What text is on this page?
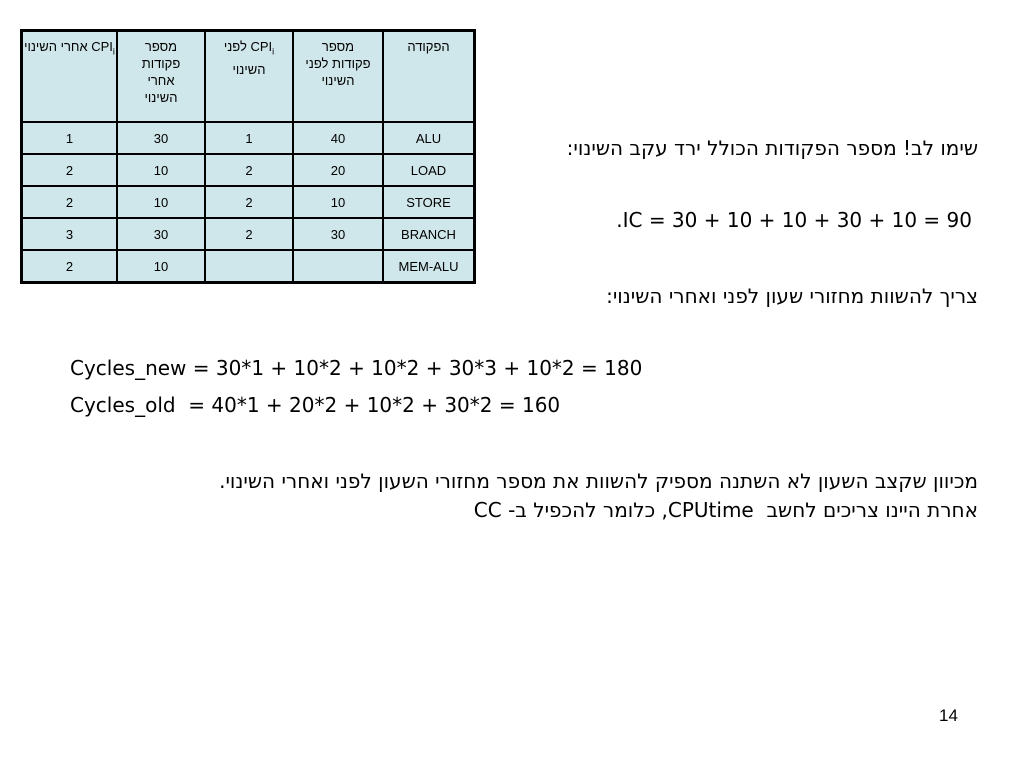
$CPI_i$ אחרי השינוי	מספר פקודות אחרי השינוי	$CPI_i$ לפני השינוי	מספר פקודות לפני השינוי	הפקודה
1	30	1	40	ALU
2	10	2	20	LOAD
2	10	2	10	STORE
3	30	2	30	BRANCH
2	10			MEM-ALU
שימו לב! מספר הפקודות הכולל ירד עקב השינוי:
IC = 30 + 10 + 10 + 30 + 10 = 90.
צריך להשוות מחזורי שעון לפני ואחרי השינוי:
Cycles_new = 30*1 + 10*2 + 10*2 + 30*3 + 10*2 = 180
Cycles_old  = 40*1 + 20*2 + 10*2 + 30*2 = 160
מכיוון שקצב השעון לא השתנה מספיק להשוות את מספר מחזורי השעון לפני ואחרי השינוי.
אחרת היינו צריכים לחשב  CPUtime, כלומר להכפיל ב- CC
14
